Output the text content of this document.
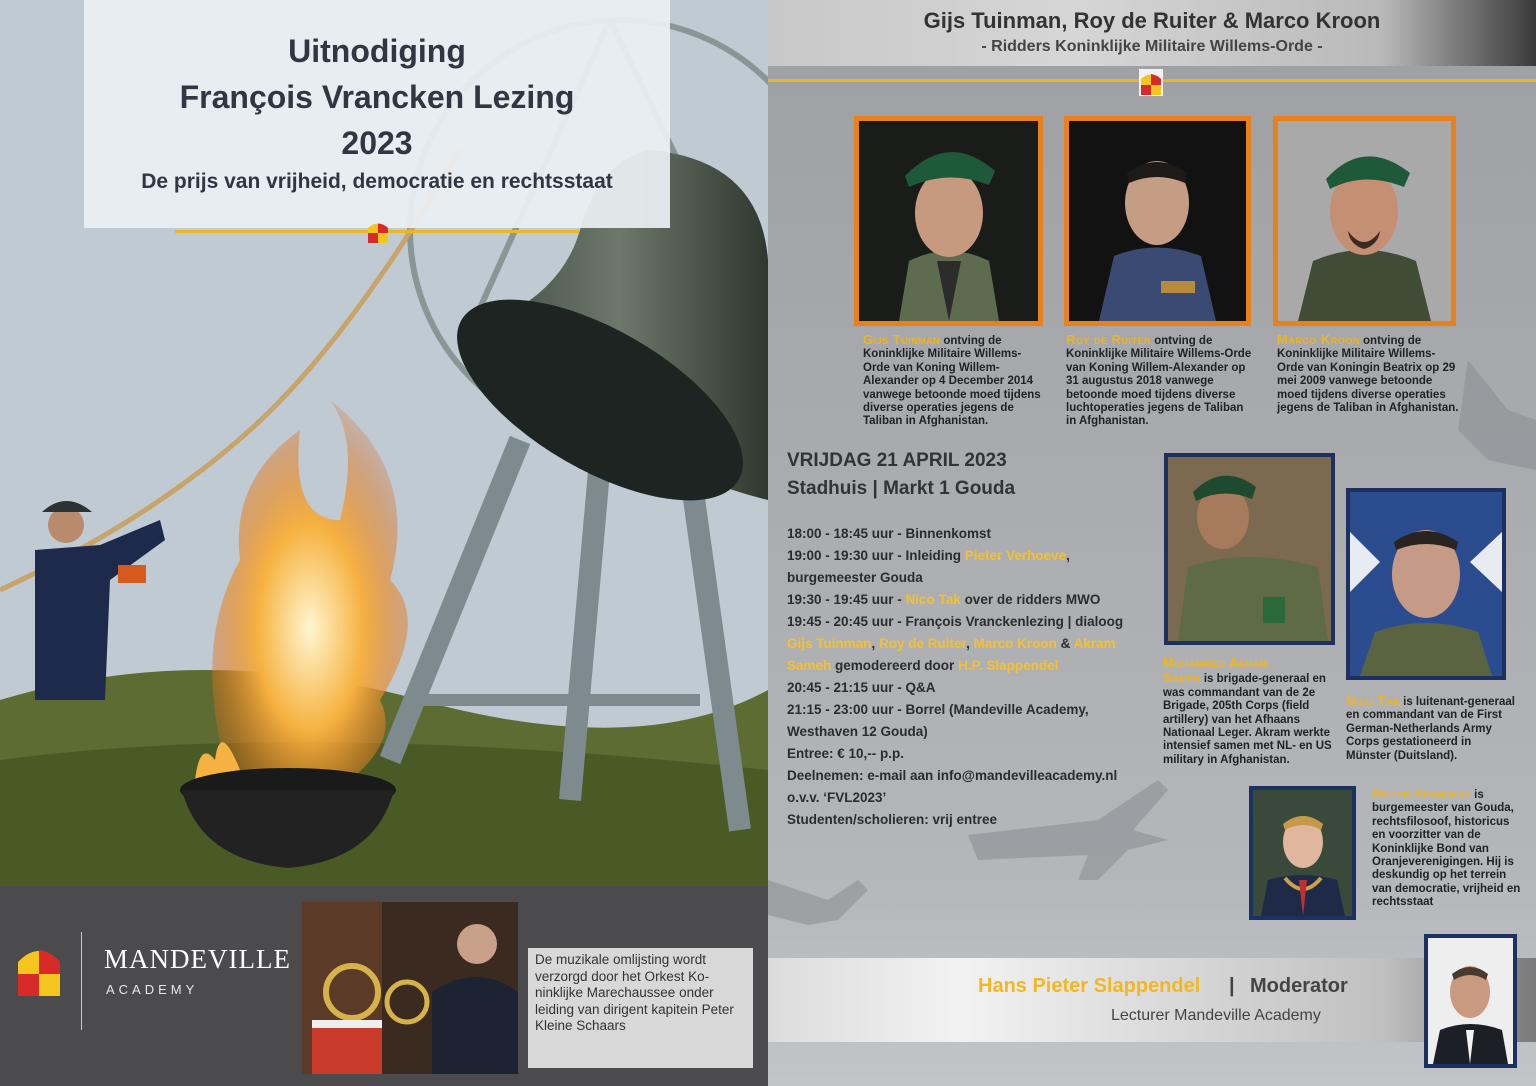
Uitnodiging
François Vrancken Lezing
2023
De prijs van vrijheid, democratie en rechtsstaat
MANDEVILLE
ACADEMY
De muzikale omlijsting wordt verzorgd door het Orkest Ko-ninklijke Marechaussee onder leiding van dirigent kapitein Peter Kleine Schaars
Gijs Tuinman, Roy de Ruiter & Marco Kroon
- Ridders Koninklijke Militaire Willems-Orde -
Gijs Tuinman ontving de Koninklijke Militaire Willems-Orde van Koning Willem-Alexander op 4 December 2014 vanwege betoonde moed tijdens diverse operaties jegens de Taliban in Afghanistan.
Roy de Ruiter ontving de Koninklijke Militaire Willems-Orde van Koning Willem-Alexander op 31 augustus 2018 vanwege betoonde moed tijdens diverse luchtoperaties jegens de Taliban in Afghanistan.
Marco Kroon ontving de Koninklijke Militaire Willems-Orde van Koningin Beatrix op 29 mei 2009 vanwege betoonde moed tijdens diverse operaties jegens de Taliban in Afghanistan.
VRIJDAG 21 APRIL 2023
Stadhuis | Markt 1 Gouda
18:00 - 18:45 uur - Binnenkomst
19:00 - 19:30 uur - Inleiding Pieter Verhoeve,
burgemeester Gouda
19:30 - 19:45 uur - Nico Tak over de ridders MWO
19:45 - 20:45 uur - François Vranckenlezing | dialoog
Gijs Tuinman, Roy de Ruiter, Marco Kroon & Akram
Sameh gemodereerd door H.P. Slappendel
20:45 - 21:15 uur - Q&A
21:15 - 23:00 uur - Borrel (Mandeville Academy,
Westhaven 12 Gouda)
Entree: € 10,-- p.p.
Deelnemen: e-mail aan info@mandevilleacademy.nl
o.v.v. ‘FVL2023’
Studenten/scholieren: vrij entree
Mohammed Akram
Sameh is brigade-generaal en was commandant van de 2e Brigade, 205th Corps (field artillery) van het Afhaans Nationaal Leger. Akram werkte intensief samen met NL- en US military in Afghanistan.
Nico Tak is luitenant-generaal en commandant van de First German-Netherlands Army Corps gestationeerd in Münster (Duitsland).
Pieter Verhoeve is burgemeester van Gouda, rechtsfilosoof, historicus en voorzitter van de Koninklijke Bond van Oranjeverenigingen. Hij is deskundig op het terrein van democratie, vrijheid en rechtsstaat
Hans Pieter Slappendel | Moderator
Lecturer Mandeville Academy
